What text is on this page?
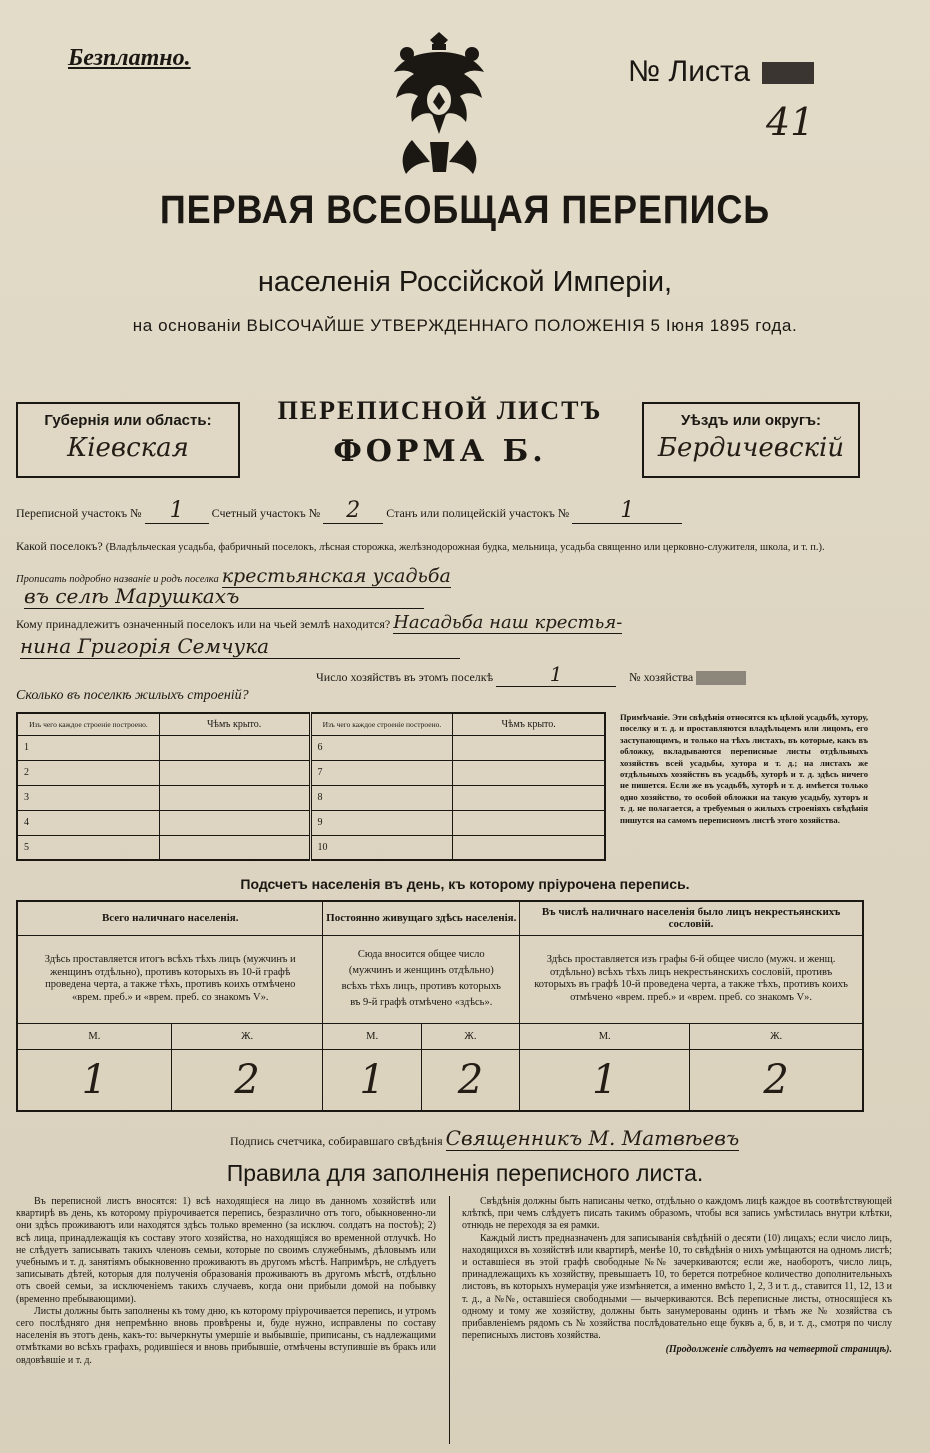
Безплатно.	№ Листа
41
ПЕРВАЯ ВСЕОБЩАЯ ПЕРЕПИСЬ
населенія Россійской Имперіи,
на основаніи ВЫСОЧАЙШЕ УТВЕРЖДЕННАГО ПОЛОЖЕНІЯ 5 Іюня 1895 года.
Губернія или область:
Кіевская
ПЕРЕПИСНОЙ ЛИСТЪ
ФОРМА Б.
Уѣздъ или округъ:
Бердичевскій
Переписной участокъ № 1 Счетный участокъ № 2 Станъ или полицейскій участокъ № 1
Какой поселокъ? (Владѣльческая усадьба, фабричный поселокъ, лѣсная сторожка, желѣзнодорожная будка, мельница, усадьба священно или церковно-служителя, школа, и т. п.). Прописать подробно названіе и родъ поселка крестьянская усадьба
въ селѣ Марушкахъ
Кому принадлежитъ означенный поселокъ или на чьей землѣ находится? Насадьба наш крестья-
нина Григорія Семчука
Число хозяйствъ въ этомъ поселкѣ	1	№ хозяйства
Сколько въ поселкѣ жилыхъ строеній?
Изъ чего каждое строеніе построено.	Чѣмъ крыто.	Изъ чего каждое строеніе построено.	Чѣмъ крыто.
1		6	
2		7	
3		8	
4		9	
5		10	
Примѣчаніе. Эти свѣдѣнія относятся къ цѣлой усадьбѣ, хутору, поселку и т. д. и проставляются владѣльцемъ или лицомъ, его заступающимъ, и только на тѣхъ листахъ, въ которые, какъ въ обложку, вкладываются переписные листы отдѣльныхъ хозяйствъ всей усадьбы, хутора и т. д.; на листахъ же отдѣльныхъ хозяйствъ въ усадьбѣ, хуторѣ и т. д. здѣсь ничего не пишется. Если же въ усадьбѣ, хуторѣ и т. д. имѣется только одно хозяйство, то особой обложки на такую усадьбу, хуторъ и т. д. не полагается, а требуемыя о жилыхъ строеніяхъ свѣдѣнія пишутся на самомъ переписномъ листѣ этого хозяйства.
Подсчетъ населенія въ день, къ которому пріурочена перепись.
Всего наличнаго населенія.		Постоянно живущаго здѣсь населенія.		Въ числѣ наличнаго населенія было лицъ некрестьянскихъ сословій.	
Здѣсь проставляется итогъ всѣхъ тѣхъ лицъ (мужчинъ и женщинъ отдѣльно), противъ которыхъ въ 10-й графѣ проведена черта, а также тѣхъ, противъ коихъ отмѣчено «врем. преб.» и «врем. преб. со знакомъ V».		Сюда вносится общее число (мужчинъ и женщинъ отдѣльно) всѣхъ тѣхъ лицъ, противъ которыхъ въ 9-й графѣ отмѣчено «здѣсь».		Здѣсь проставляется изъ графы 6-й общее число (мужч. и женщ. отдѣльно) всѣхъ тѣхъ лицъ некрестьянскихъ сословій, противъ которыхъ въ графѣ 10-й проведена черта, а также тѣхъ, противъ коихъ отмѣчено «врем. преб.» и «врем. преб. со знакомъ V».	
М.	Ж.	М.	Ж.	М.	Ж.
1	2	1	2	1	2
Подпись счетчика, собиравшаго свѣдѣнія Священникъ М. Матвѣевъ
Правила для заполненія переписного листа.

Въ переписной листъ вносятся: 1) всѣ находящіеся на лицо въ данномъ хозяйствѣ или квартирѣ въ день, къ которому пріурочивается перепись, безразлично отъ того, обыкновенно-ли они здѣсь проживаютъ или находятся здѣсь только временно (за исключ. солдатъ на постоѣ); 2) всѣ лица, принадлежащія къ составу этого хозяйства, но находящіяся во временной отлучкѣ. Но не слѣдуетъ записывать такихъ членовъ семьи, которые по своимъ служебнымъ, дѣловымъ или учебнымъ и т. д. занятіямъ обыкновенно проживаютъ въ другомъ мѣстѣ. Напримѣръ, не слѣдуетъ записывать дѣтей, которыя для полученія образованія проживаютъ въ другомъ мѣстѣ, отдѣльно отъ своей семьи, за исключеніемъ такихъ случаевъ, когда они прибыли домой на побывку (временно пребывающими).

Листы должны быть заполнены къ тому дню, къ которому пріурочивается перепись, и утромъ сего послѣдняго дня непремѣнно вновь провѣрены и, буде нужно, исправлены по составу населенія въ этотъ день, какъ-то: вычеркнуты умершіе и выбывшіе, приписаны, съ надлежащими отмѣтками во всѣхъ графахъ, родившіеся и вновь прибывшіе, отмѣчены вступившіе въ бракъ или овдовѣвшіе и т. д.

Свѣдѣнія должны быть написаны четко, отдѣльно о каждомъ лицѣ каждое въ соотвѣтствующей клѣткѣ, при чемъ слѣдуетъ писать такимъ образомъ, чтобы вся запись умѣстилась внутри клѣтки, отнюдь не переходя за ея рамки.

Каждый листъ предназначенъ для записыванія свѣдѣній о десяти (10) лицахъ; если число лицъ, находящихся въ хозяйствѣ или квартирѣ, менѣе 10, то свѣдѣнія о нихъ умѣщаются на одномъ листѣ; и оставшіеся въ этой графѣ свободные №№ зачеркиваются; если же, наоборотъ, число лицъ, принадлежащихъ къ хозяйству, превышаетъ 10, то берется потребное количество дополнительныхъ листовъ, въ которыхъ нумерація уже измѣняется, а именно вмѣсто 1, 2, 3 и т. д., ставится 11, 12, 13 и т. д., а №№, оставшіеся свободными — вычеркиваются. Всѣ переписные листы, относящіеся къ одному и тому же хозяйству, должны быть занумерованы одинъ и тѣмъ же № хозяйства съ прибавленіемъ рядомъ съ № хозяйства послѣдовательно еще буквъ а, б, в, и т. д., смотря по числу переписныхъ листовъ хозяйства.

(Продолженіе слѣдуетъ на четвертой страницѣ).
